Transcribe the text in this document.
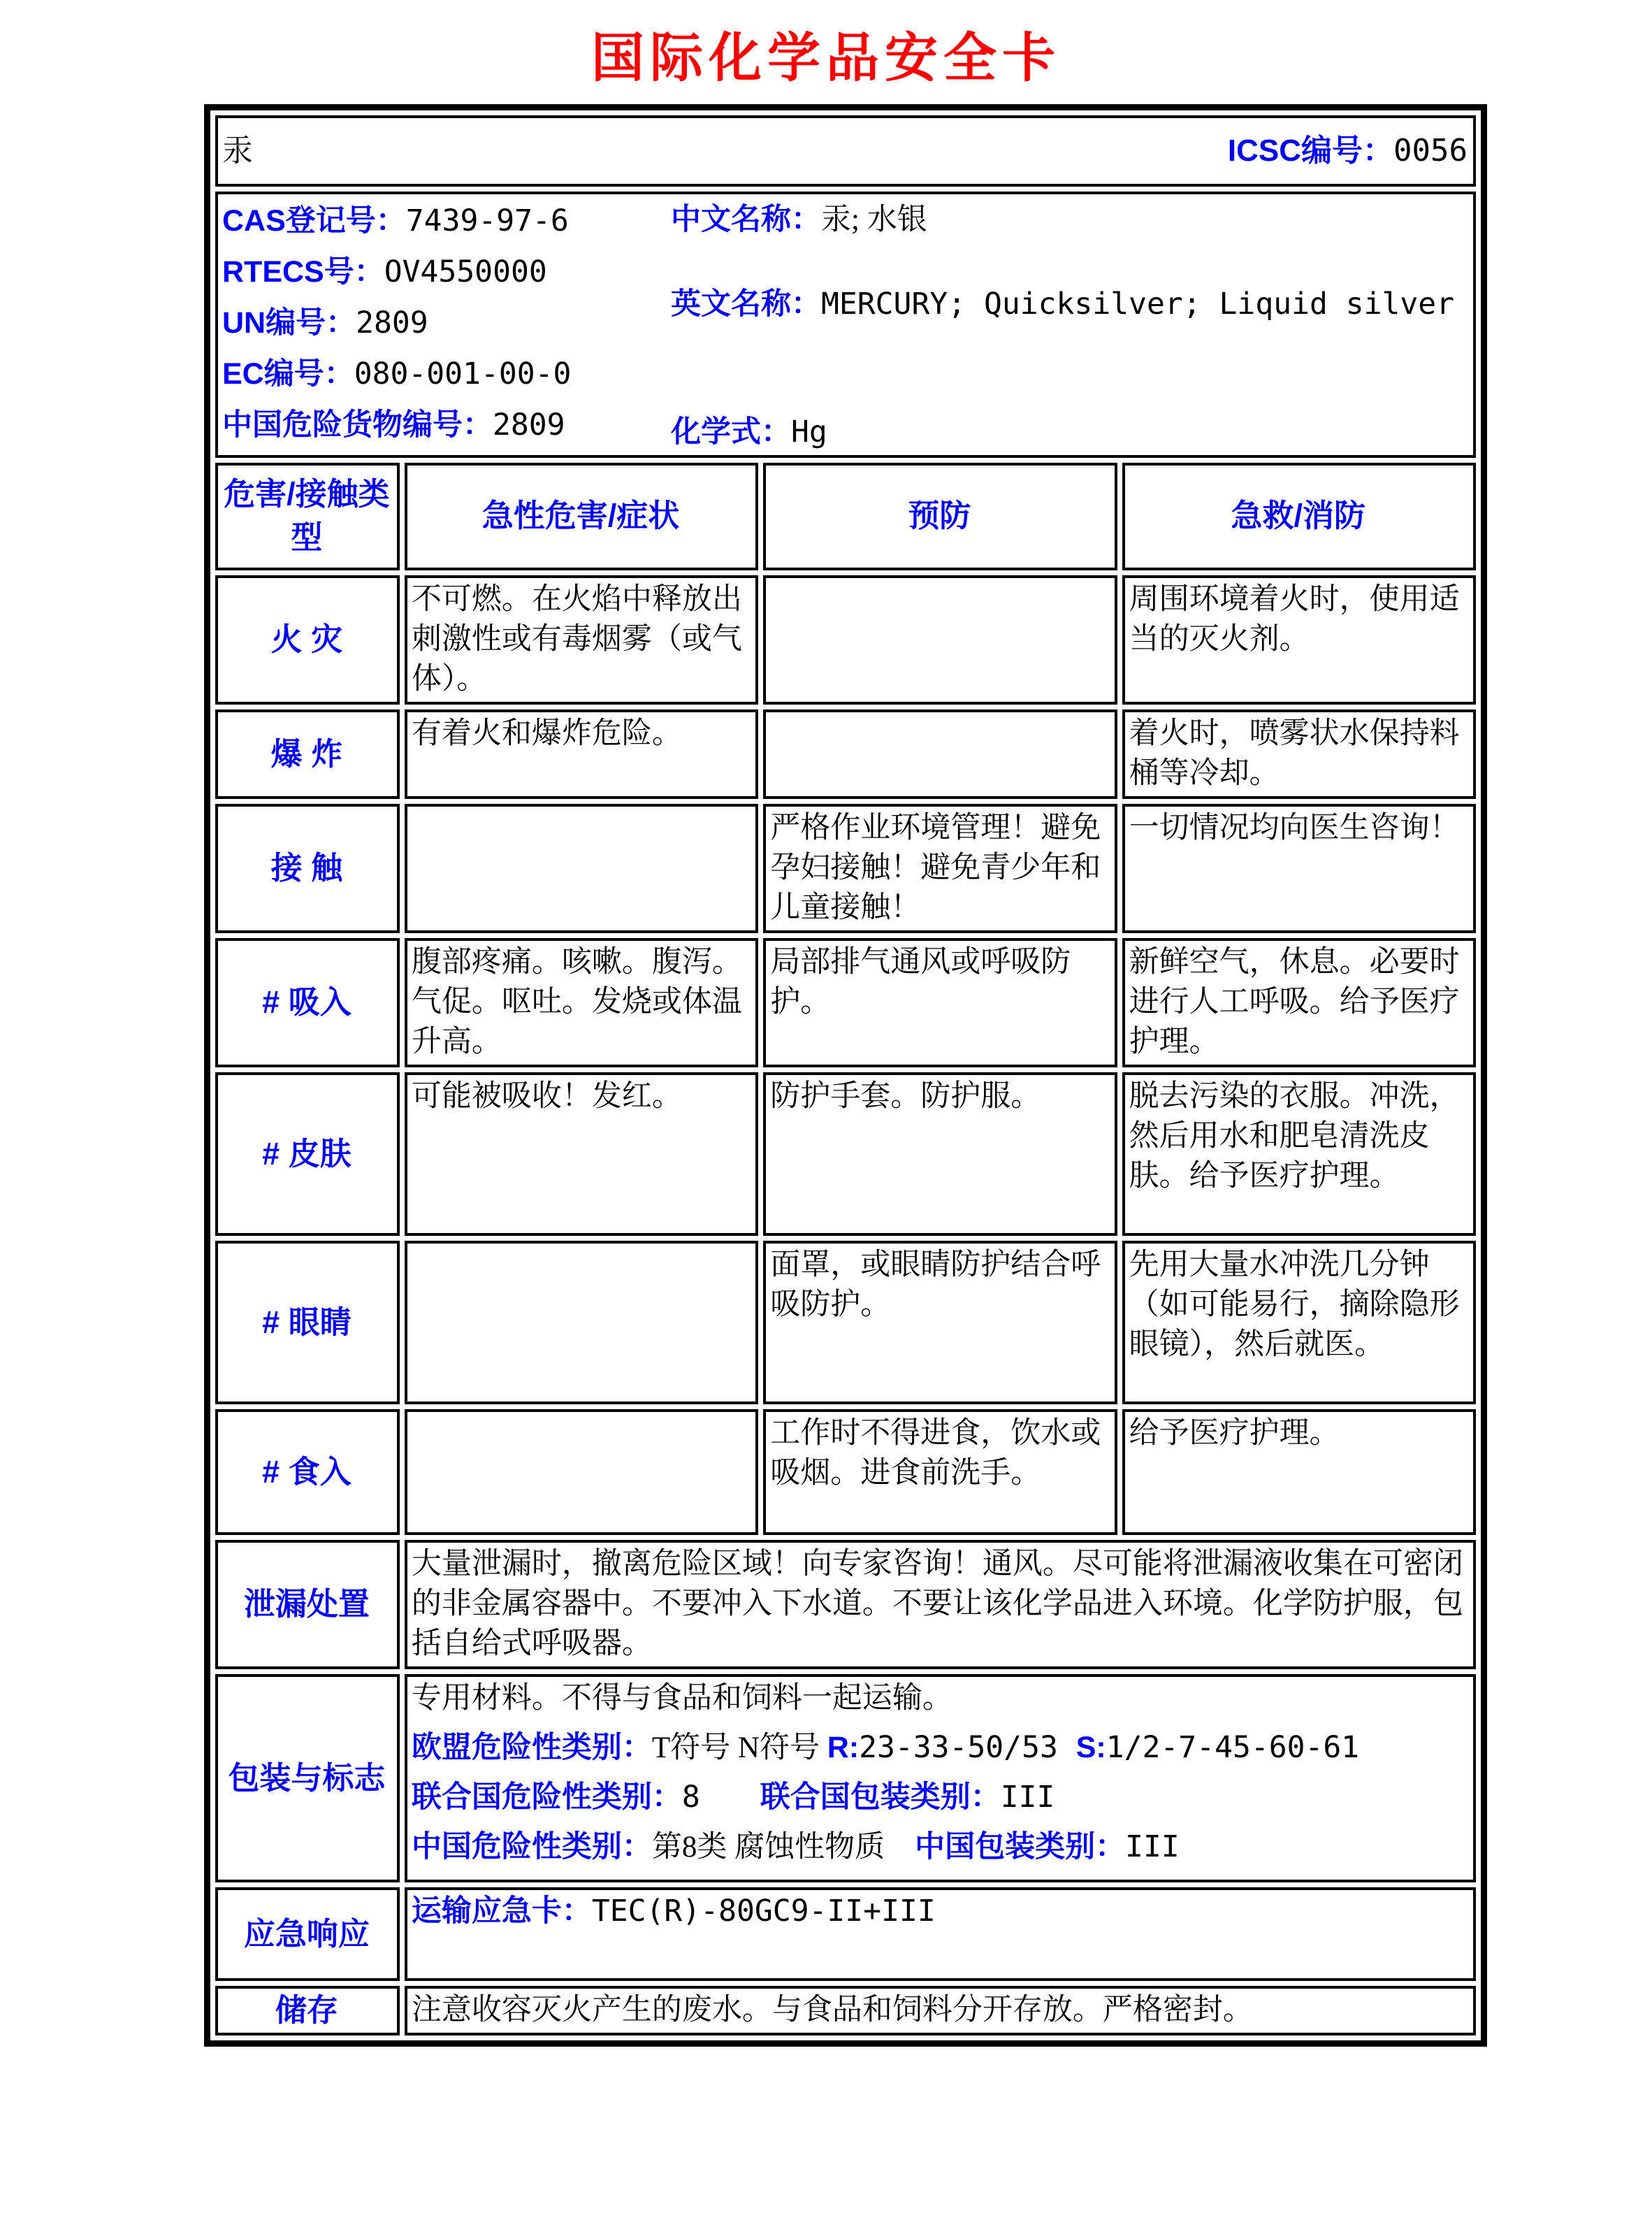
国际化学品安全卡
汞 ICSC编号：0056			

CAS登记号：7439-97-6
RTECS号：OV4550000
UN编号：2809
EC编号：080-001-00-0
中国危险货物编号：2809
中文名称：汞; 水银
英文名称：MERCURY; Quicksilver; Liquid silver
化学式：Hg

危害/接触类型	急性危害/症状	预防	急救/消防
火 灾	不可燃。在火焰中释放出刺激性或有毒烟雾（或气体）。		周围环境着火时，使用适当的灭火剂。
爆 炸	有着火和爆炸危险。		着火时，喷雾状水保持料桶等冷却。
接 触		严格作业环境管理！避免孕妇接触！避免青少年和儿童接触！	一切情况均向医生咨询！
# 吸入	腹部疼痛。咳嗽。腹泻。气促。呕吐。发烧或体温升高。	局部排气通风或呼吸防护。	新鲜空气，休息。必要时进行人工呼吸。给予医疗护理。
# 皮肤	可能被吸收！发红。	防护手套。防护服。	脱去污染的衣服。冲洗，然后用水和肥皂清洗皮肤。给予医疗护理。
# 眼睛		面罩，或眼睛防护结合呼吸防护。	先用大量水冲洗几分钟（如可能易行，摘除隐形眼镜），然后就医。
# 食入		工作时不得进食，饮水或吸烟。进食前洗手。	给予医疗护理。
泄漏处置	大量泄漏时，撤离危险区域！向专家咨询！通风。尽可能将泄漏液收集在可密闭的非金属容器中。不要冲入下水道。不要让该化学品进入环境。化学防护服，包括自给式呼吸器。		
包装与标志	专用材料。不得与食品和饲料一起运输。
欧盟危险性类别：T符号 N符号 R:23-33-50/53 S:1/2-7-45-60-61
联合国危险性类别：8　　 联合国包装类别：III
中国危险性类别：第8类 腐蚀性物质　 中国包装类别：III		

应急响应	运输应急卡：TEC(R)-80GC9-II+III		
储存	注意收容灭火产生的废水。与食品和饲料分开存放。严格密封。		
